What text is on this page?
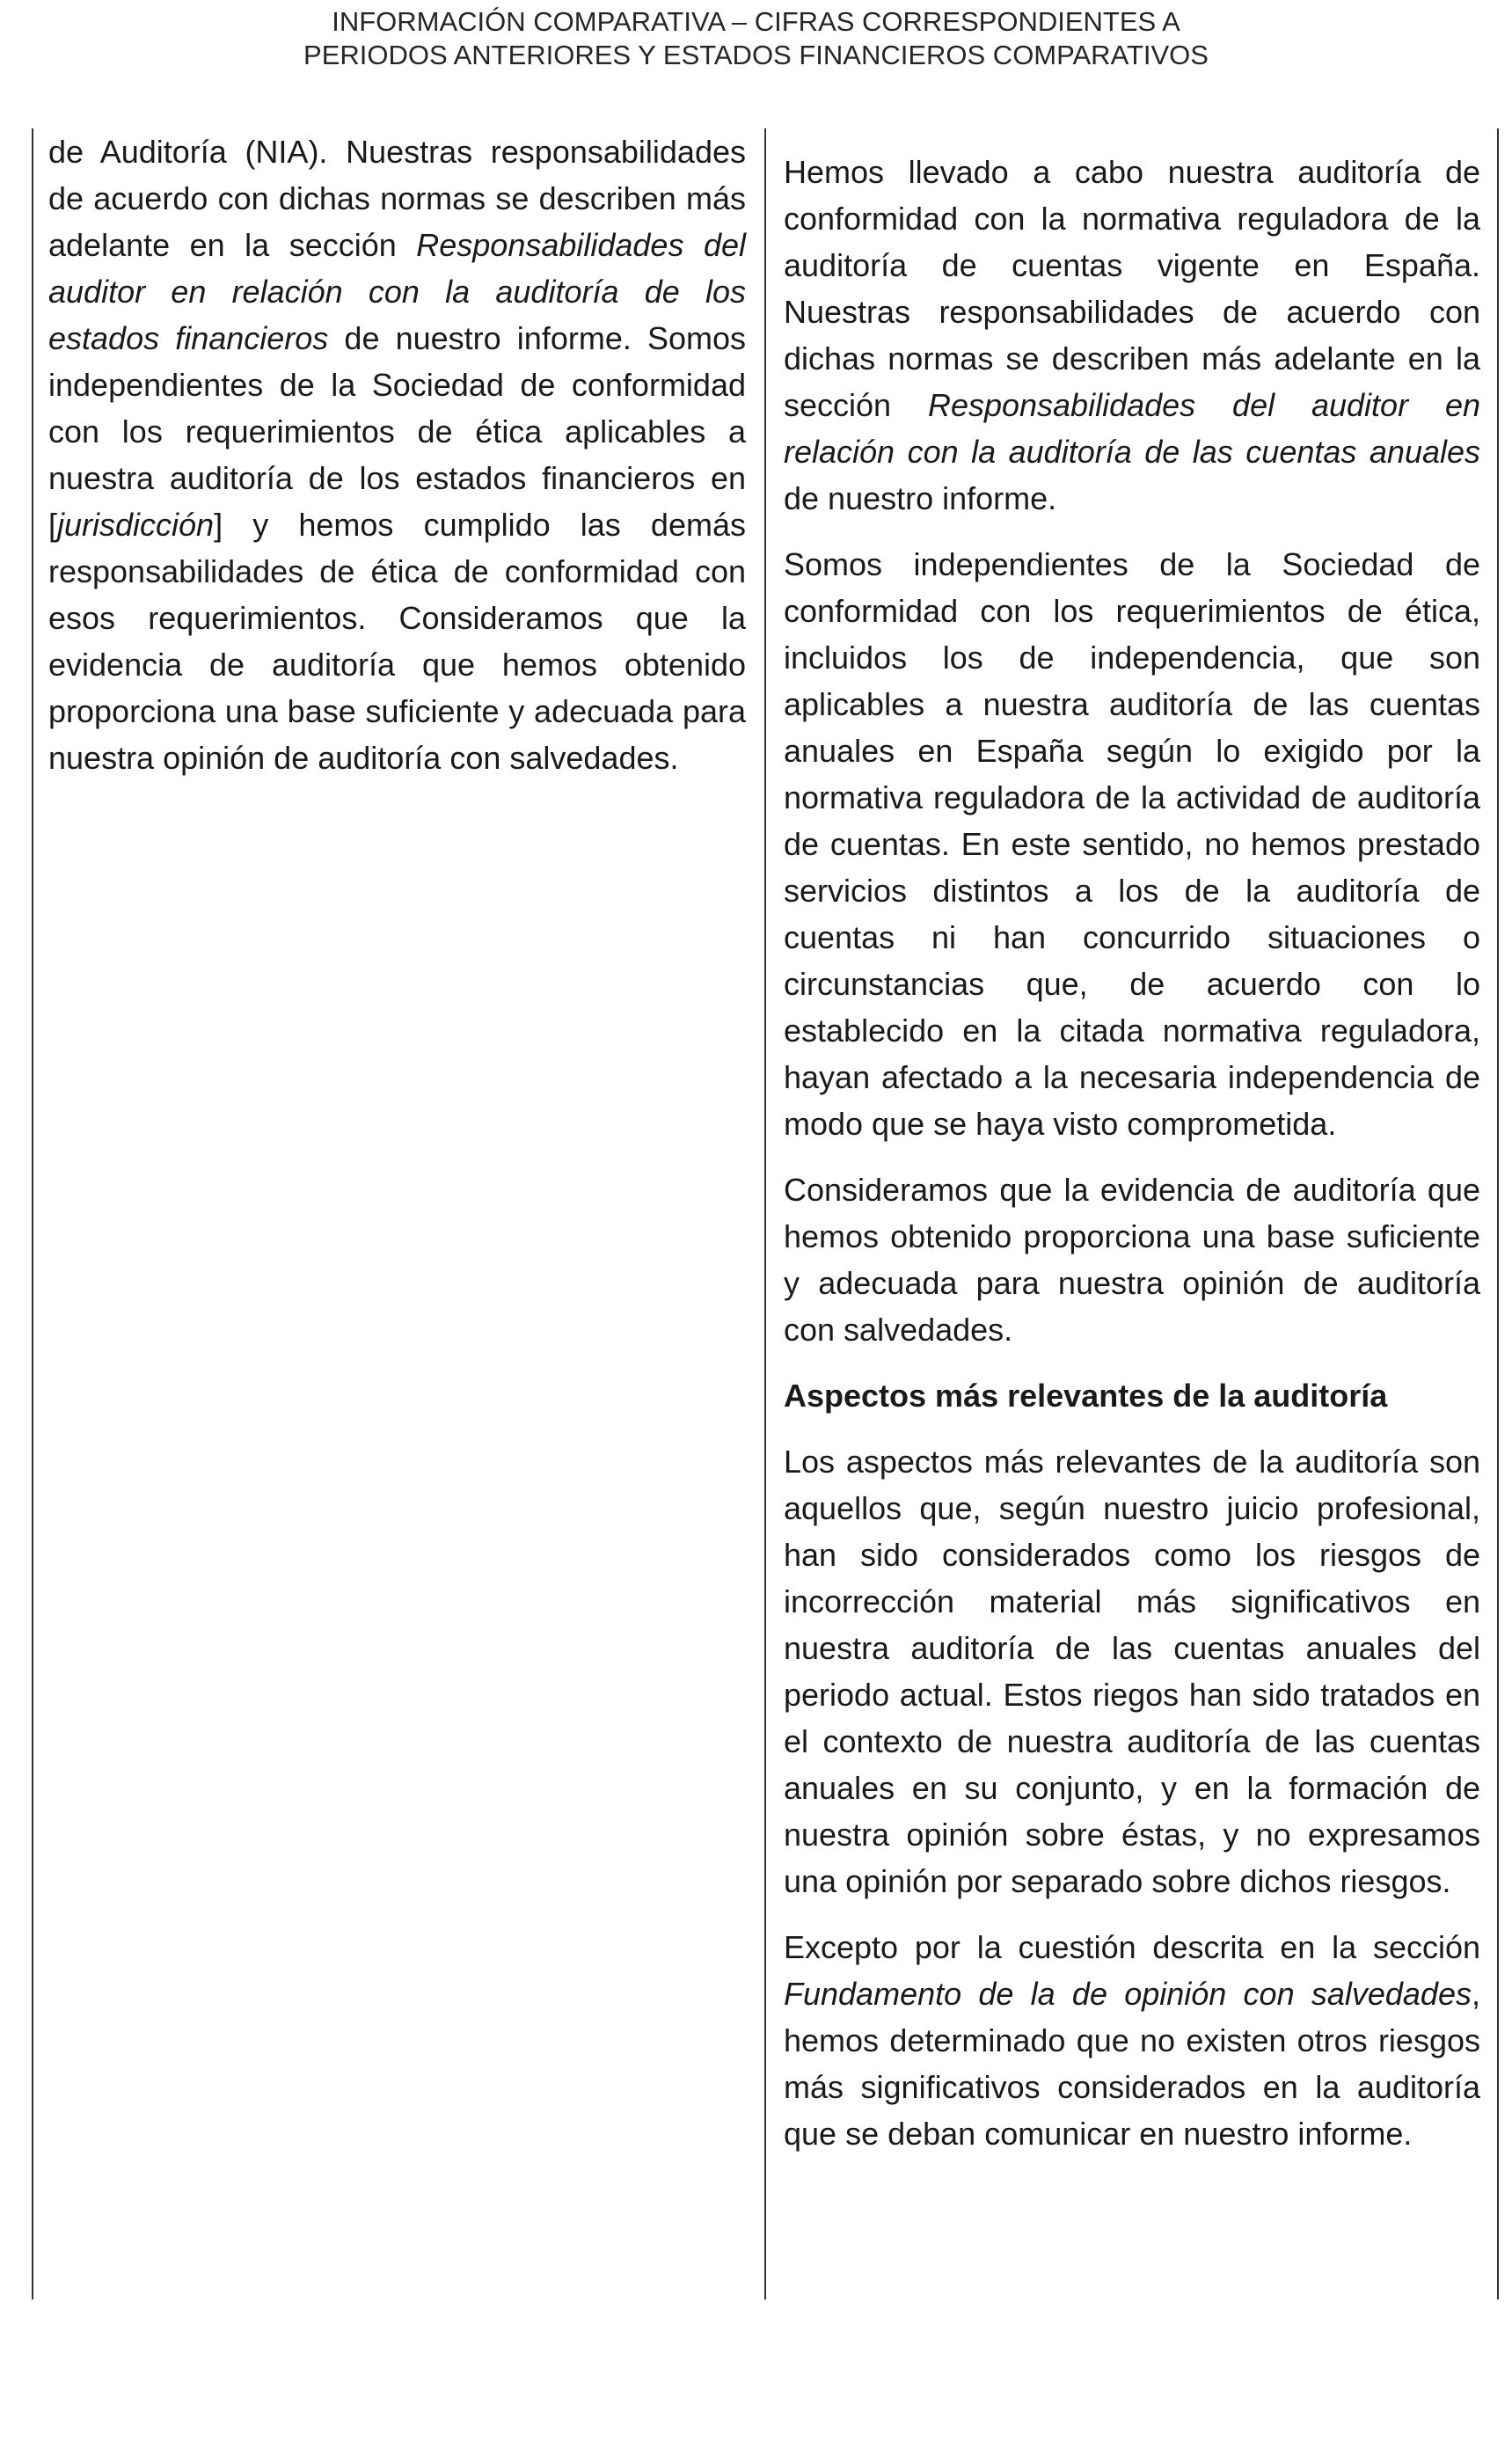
INFORMACIÓN COMPARATIVA – CIFRAS CORRESPONDIENTES A
PERIODOS ANTERIORES Y ESTADOS FINANCIEROS COMPARATIVOS

de Auditoría (NIA). Nuestras responsabilidades de acuerdo con dichas normas se describen más adelante en la sección Responsabilidades del auditor en relación con la auditoría de los estados financieros de nuestro informe. Somos independientes de la Sociedad de conformidad con los requerimientos de ética aplicables a nuestra auditoría de los estados financieros en [jurisdicción] y hemos cumplido las demás responsabilidades de ética de conformidad con esos requerimientos. Consideramos que la evidencia de auditoría que hemos obtenido proporciona una base suficiente y adecuada para nuestra opinión de auditoría con salvedades.

Hemos llevado a cabo nuestra auditoría de conformidad con la normativa reguladora de la auditoría de cuentas vigente en España. Nuestras responsabilidades de acuerdo con dichas normas se describen más adelante en la sección Responsabilidades del auditor en relación con la auditoría de las cuentas anuales de nuestro informe.

Somos independientes de la Sociedad de conformidad con los requerimientos de ética, incluidos los de independencia, que son aplicables a nuestra auditoría de las cuentas anuales en España según lo exigido por la normativa reguladora de la actividad de auditoría de cuentas. En este sentido, no hemos prestado servicios distintos a los de la auditoría de cuentas ni han concurrido situaciones o circunstancias que, de acuerdo con lo establecido en la citada normativa reguladora, hayan afectado a la necesaria independencia de modo que se haya visto comprometida.

Consideramos que la evidencia de auditoría que hemos obtenido proporciona una base suficiente y adecuada para nuestra opinión de auditoría con salvedades.

Aspectos más relevantes de la auditoría

Los aspectos más relevantes de la auditoría son aquellos que, según nuestro juicio profesional, han sido considerados como los riesgos de incorrección material más significativos en nuestra auditoría de las cuentas anuales del periodo actual. Estos riegos han sido tratados en el contexto de nuestra auditoría de las cuentas anuales en su conjunto, y en la formación de nuestra opinión sobre éstas, y no expresamos una opinión por separado sobre dichos riesgos.

Excepto por la cuestión descrita en la sección Fundamento de la de opinión con salvedades, hemos determinado que no existen otros riesgos más significativos considerados en la auditoría que se deban comunicar en nuestro informe.
